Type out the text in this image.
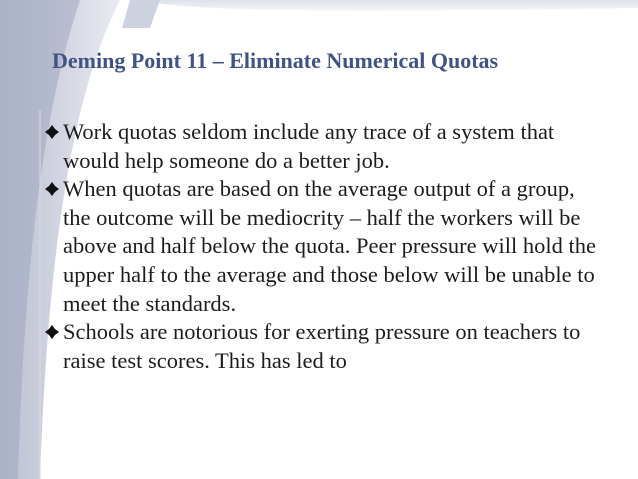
Deming Point 11 – Eliminate Numerical Quotas
Work quotas seldom include any trace of a system that would help someone do a better job.
When quotas are based on the average output of a group, the outcome will be mediocrity – half the workers will be above and half below the quota. Peer pressure will hold the upper half to the average and those below will be unable to meet the standards.
Schools are notorious for exerting pressure on teachers to raise test scores. This has led to
